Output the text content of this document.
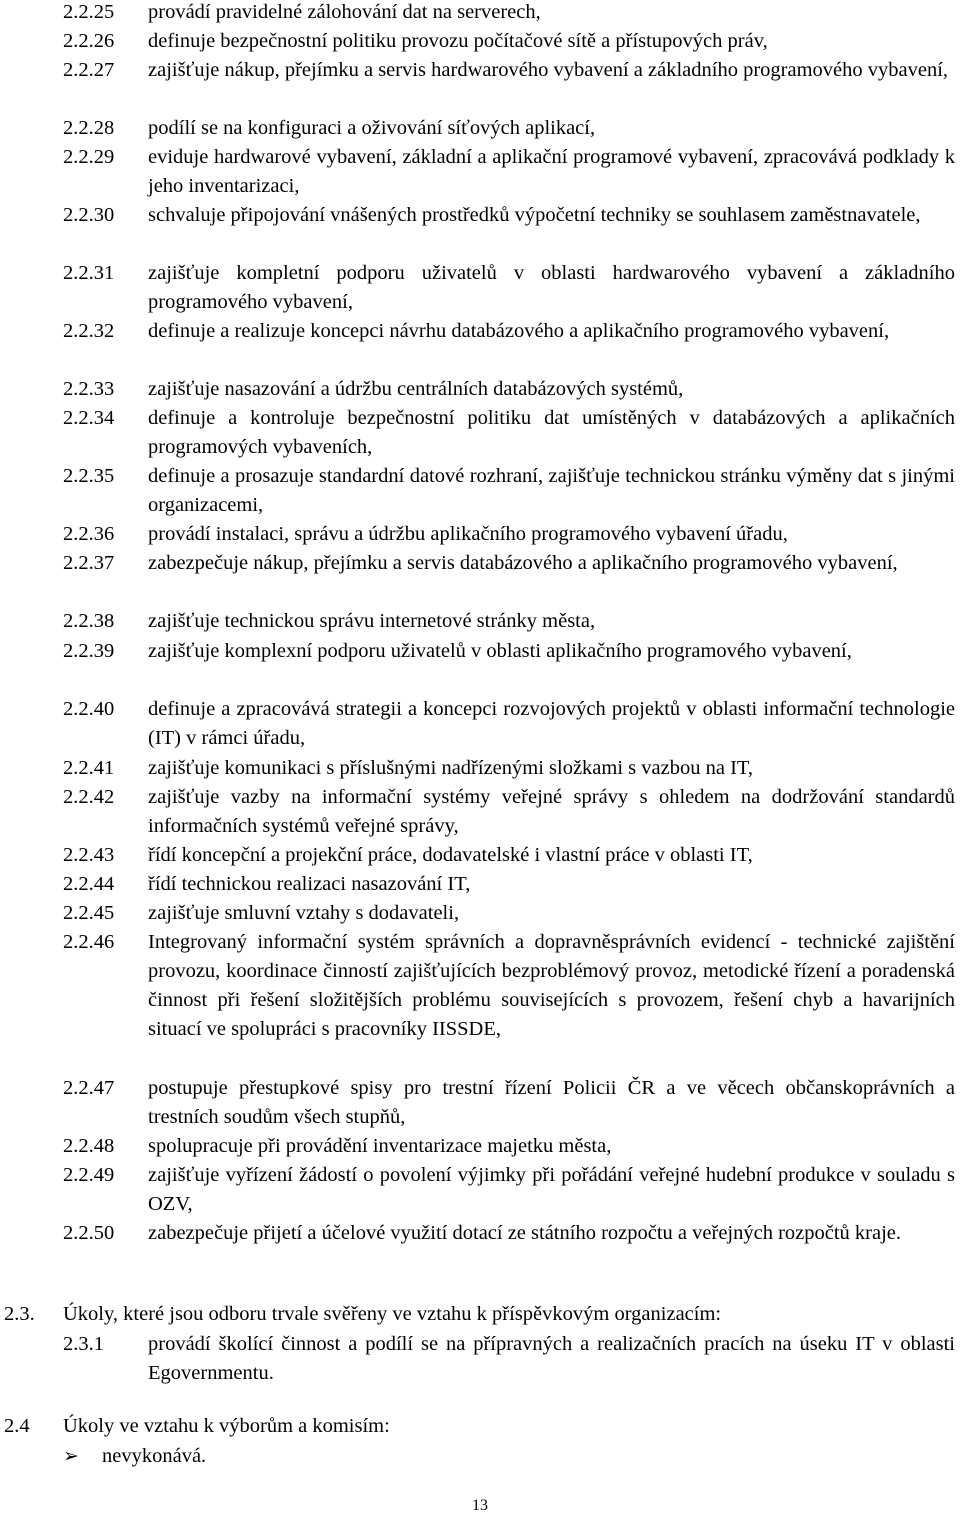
2.2.25 provádí pravidelné zálohování dat na serverech,
2.2.26 definuje bezpečnostní politiku provozu počítačové sítě a přístupových práv,
2.2.27 zajišťuje nákup, přejímku a servis hardwarového vybavení a základního programového vybavení,
2.2.28 podílí se na konfiguraci a oživování síťových aplikací,
2.2.29 eviduje hardwarové vybavení, základní a aplikační programové vybavení, zpracovává podklady k jeho inventarizaci,
2.2.30 schvaluje připojování vnášených prostředků výpočetní techniky se souhlasem zaměstnavatele,
2.2.31 zajišťuje kompletní podporu uživatelů v oblasti hardwarového vybavení a základního programového vybavení,
2.2.32 definuje a realizuje koncepci návrhu databázového a aplikačního programového vybavení,
2.2.33 zajišťuje nasazování a údržbu centrálních databázových systémů,
2.2.34 definuje a kontroluje bezpečnostní politiku dat umístěných v databázových a aplikačních programových vybaveních,
2.2.35 definuje a prosazuje standardní datové rozhraní, zajišťuje technickou stránku výměny dat s jinými organizacemi,
2.2.36 provádí instalaci, správu a údržbu aplikačního programového vybavení úřadu,
2.2.37 zabezpečuje nákup, přejímku a servis databázového a aplikačního programového vybavení,
2.2.38 zajišťuje technickou správu internetové stránky města,
2.2.39 zajišťuje komplexní podporu uživatelů v oblasti aplikačního programového vybavení,
2.2.40 definuje a zpracovává strategii a koncepci rozvojových projektů v oblasti informační technologie (IT) v rámci úřadu,
2.2.41 zajišťuje komunikaci s příslušnými nadřízenými složkami s vazbou na IT,
2.2.42 zajišťuje vazby na informační systémy veřejné správy s ohledem na dodržování standardů informačních systémů veřejné správy,
2.2.43 řídí koncepční a projekční práce, dodavatelské i vlastní práce v oblasti IT,
2.2.44 řídí technickou realizaci nasazování IT,
2.2.45 zajišťuje smluvní vztahy s dodavateli,
2.2.46 Integrovaný informační systém správních a dopravněsprávních evidencí - technické zajištění provozu, koordinace činností zajišťujících bezproblémový provoz, metodické řízení a poradenská činnost při řešení složitějších problému souvisejících s provozem, řešení chyb a havarijních situací ve spolupráci s pracovníky IISSDE,
2.2.47 postupuje přestupkové spisy pro trestní řízení Policii ČR a ve věcech občanskoprávních a trestních soudům všech stupňů,
2.2.48 spolupracuje při provádění inventarizace majetku města,
2.2.49 zajišťuje vyřízení žádostí o povolení výjimky při pořádání veřejné hudební produkce v souladu s OZV,
2.2.50 zabezpečuje přijetí a účelové využití dotací ze státního rozpočtu a veřejných rozpočtů kraje.
2.3. Úkoly, které jsou odboru trvale svěřeny ve vztahu k příspěvkovým organizacím:
2.3.1 provádí školící činnost a podílí se na přípravných a realizačních pracích na úseku IT v oblasti Egovernmentu.
2.4 Úkoly ve vztahu k výborům a komisím:
➢ nevykonává.
13
